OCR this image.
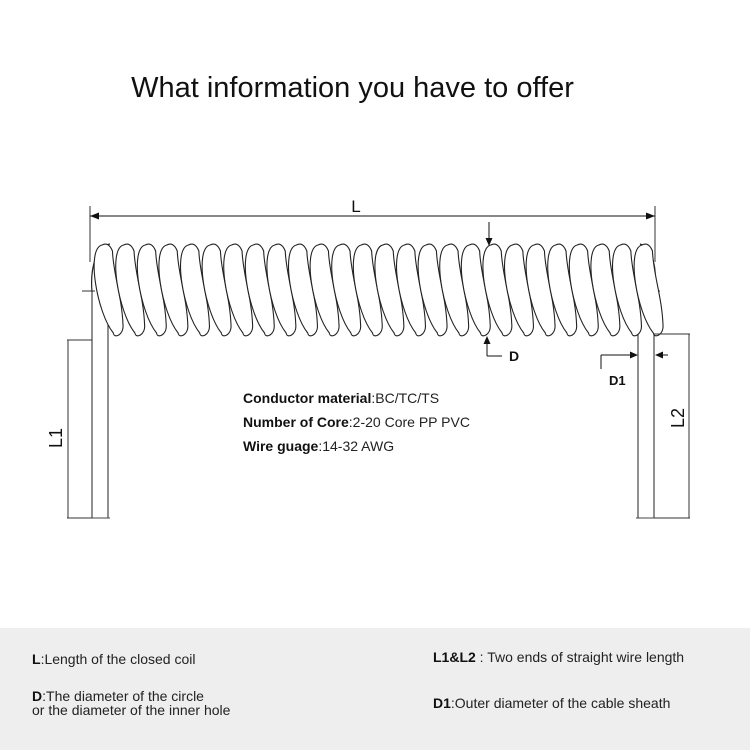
What information you have to offer
L
D
D1
L1
L2
Conductor material:BC/TC/TS
Number of Core:2-20 Core PP PVC
Wire guage:14-32 AWG
L:Length of the closed coil	L1&L2 : Two ends of straight wire length
D:The diameter of the circle
or the diameter of the inner hole	D1:Outer diameter of the cable sheath
